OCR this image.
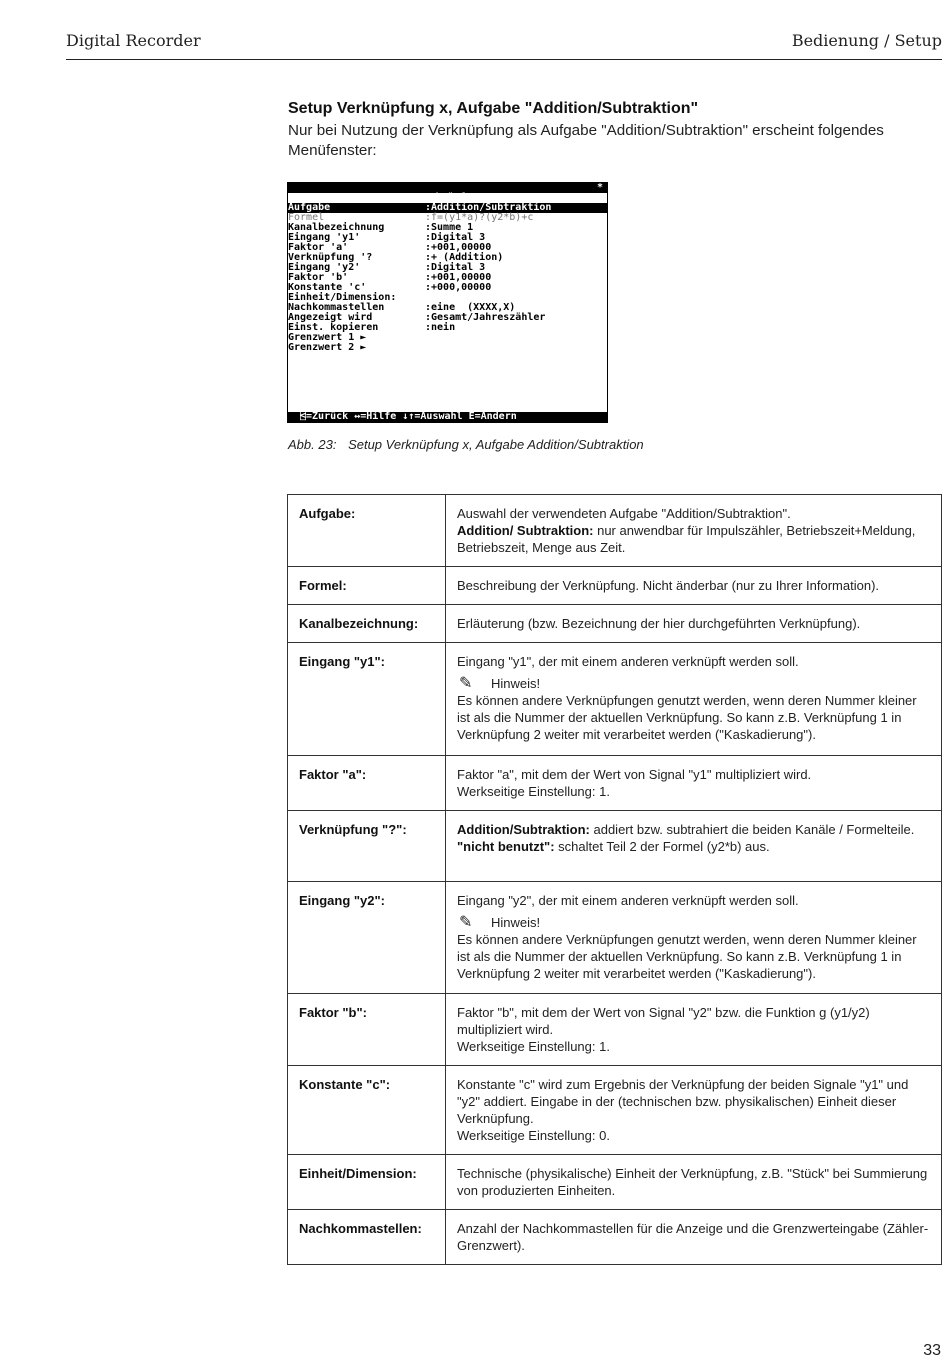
Digital Recorder	Bedienung / Setup
Setup Verknüpfung x, Aufgabe "Addition/Subtraktion"
Nur bei Nutzung der Verknüpfung als Aufgabe "Addition/Subtraktion" erscheint folgendes Menüfenster:

Verknüpfung  1

*

Aufgabe	:Addition/Subtraktion
Formel	:f=(y1*a)?(y2*b)+c
Kanalbezeichnung	:Summe 1
Eingang 'y1'	:Digital 3
Faktor 'a'	:+001,00000
Verknüpfung '?	:+ (Addition)
Eingang 'y2'	:Digital 3
Faktor 'b'	:+001,00000
Konstante 'c'	:+000,00000
Einheit/Dimension:
Nachkommastellen	:eine  (XXXX,X)
Angezeigt wird	:Gesamt/Jahreszähler
Einst. kopieren	:nein
Grenzwert 1 ►
Grenzwert 2 ►
⍃=Zurück ↔=Hilfe ↓↑=Auswahl E=Ändern
Abb. 23: Setup Verknüpfung x, Aufgabe Addition/Subtraktion
Aufgabe:	Auswahl der verwendeten Aufgabe "Addition/Subtraktion".

Addition/ Subtraktion: nur anwendbar für Impulszähler, Betriebszeit+Meldung, Betriebszeit, Menge aus Zeit.

Formel:	Beschreibung der Verknüpfung. Nicht änderbar (nur zu Ihrer Information).
Kanalbezeichnung:	Erläuterung (bzw. Bezeichnung der hier durchgeführten Verknüpfung).
Eingang "y1":	Eingang "y1", der mit einem anderen verknüpft werden soll.

✎ Hinweis!

Es können andere Verknüpfungen genutzt werden, wenn deren Nummer kleiner ist als die Nummer der aktuellen Verknüpfung. So kann z.B. Verknüpfung 1 in Verknüpfung 2 weiter mit verarbeitet werden ("Kaskadierung").

Faktor "a":	Faktor "a", mit dem der Wert von Signal "y1" multipliziert wird.

Werkseitige Einstellung: 1.

Verknüpfung "?":	Addition/Subtraktion: addiert bzw. subtrahiert die beiden Kanäle / Formelteile.

"nicht benutzt": schaltet Teil 2 der Formel (y2*b) aus.

Eingang "y2":	Eingang "y2", der mit einem anderen verknüpft werden soll.

✎ Hinweis!

Es können andere Verknüpfungen genutzt werden, wenn deren Nummer kleiner ist als die Nummer der aktuellen Verknüpfung. So kann z.B. Verknüpfung 1 in Verknüpfung 2 weiter mit verarbeitet werden ("Kaskadierung").

Faktor "b":	Faktor "b", mit dem der Wert von Signal "y2" bzw. die Funktion g (y1/y2) multipliziert wird.

Werkseitige Einstellung: 1.

Konstante "c":	Konstante "c" wird zum Ergebnis der Verknüpfung der beiden Signale "y1" und "y2" addiert. Eingabe in der (technischen bzw. physikalischen) Einheit dieser Verknüpfung.

Werkseitige Einstellung: 0.

Einheit/Dimension:	Technische (physikalische) Einheit der Verknüpfung, z.B. "Stück" bei Summierung von produzierten Einheiten.
Nachkommastellen:	Anzahl der Nachkommastellen für die Anzeige und die Grenzwerteingabe (Zähler-Grenzwert).
33
